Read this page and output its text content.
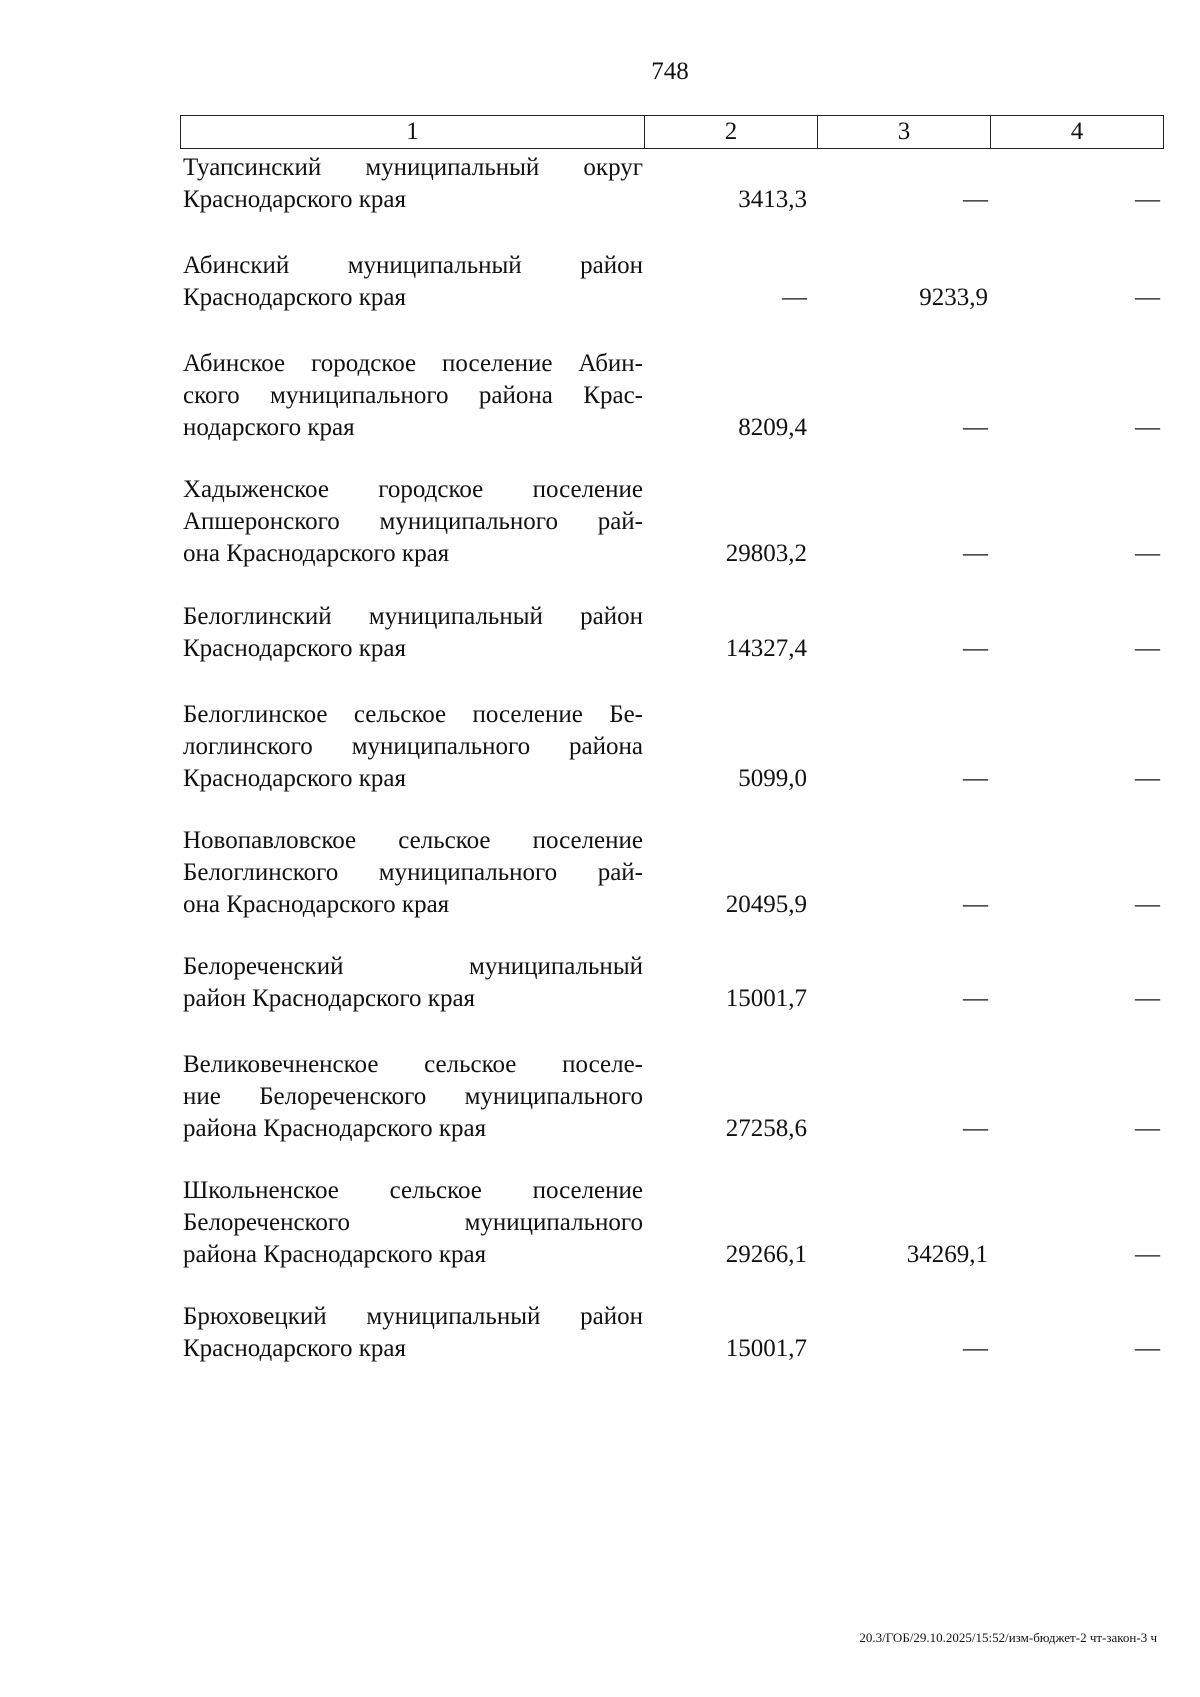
748
1	2	3	4
Туапсинский муниципальный округ
Краснодарского края	3413,3	—	—
Абинский муниципальный район
Краснодарского края	—	9233,9	—
Абинское городское поселение Абин-
ского муниципального района Крас-
нодарского края	8209,4	—	—
Хадыженское городское поселение
Апшеронского муниципального рай-
она Краснодарского края	29803,2	—	—
Белоглинский муниципальный район
Краснодарского края	14327,4	—	—
Белоглинское сельское поселение Бе-
логлинского муниципального района
Краснодарского края	5099,0	—	—
Новопавловское сельское поселение
Белоглинского муниципального рай-
она Краснодарского края	20495,9	—	—
Белореченский муниципальный
район Краснодарского края	15001,7	—	—
Великовечненское сельское поселе-
ние Белореченского муниципального
района Краснодарского края	27258,6	—	—
Школьненское сельское поселение
Белореченского муниципального
района Краснодарского края	29266,1	34269,1	—
Брюховецкий муниципальный район
Краснодарского края	15001,7	—	—
20.3/ГОБ/29.10.2025/15:52/изм-бюджет-2 чт-закон-3 ч
